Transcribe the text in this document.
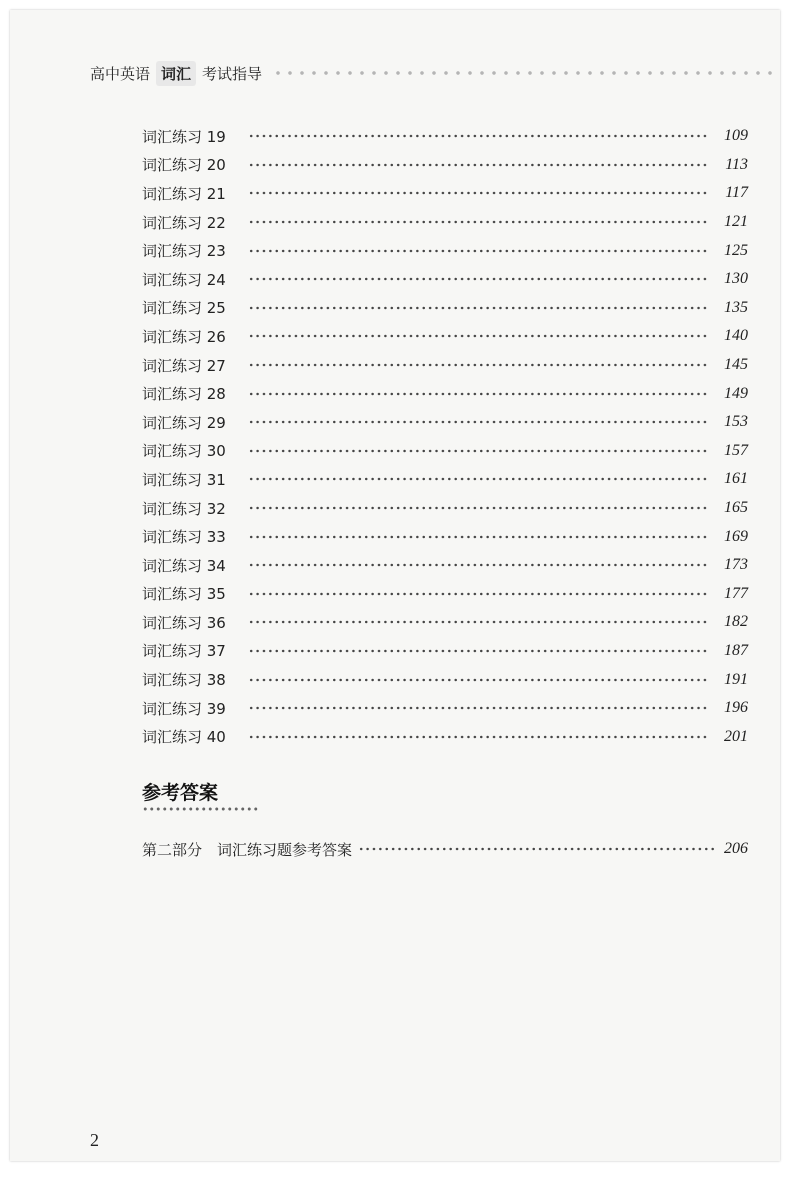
高中英语 词汇 考试指导
词汇练习 19	109
词汇练习 20	113
词汇练习 21	117
词汇练习 22	121
词汇练习 23	125
词汇练习 24	130
词汇练习 25	135
词汇练习 26	140
词汇练习 27	145
词汇练习 28	149
词汇练习 29	153
词汇练习 30	157
词汇练习 31	161
词汇练习 32	165
词汇练习 33	169
词汇练习 34	173
词汇练习 35	177
词汇练习 36	182
词汇练习 37	187
词汇练习 38	191
词汇练习 39	196
词汇练习 40	201
参考答案
第二部分　词汇练习题参考答案	206
2
